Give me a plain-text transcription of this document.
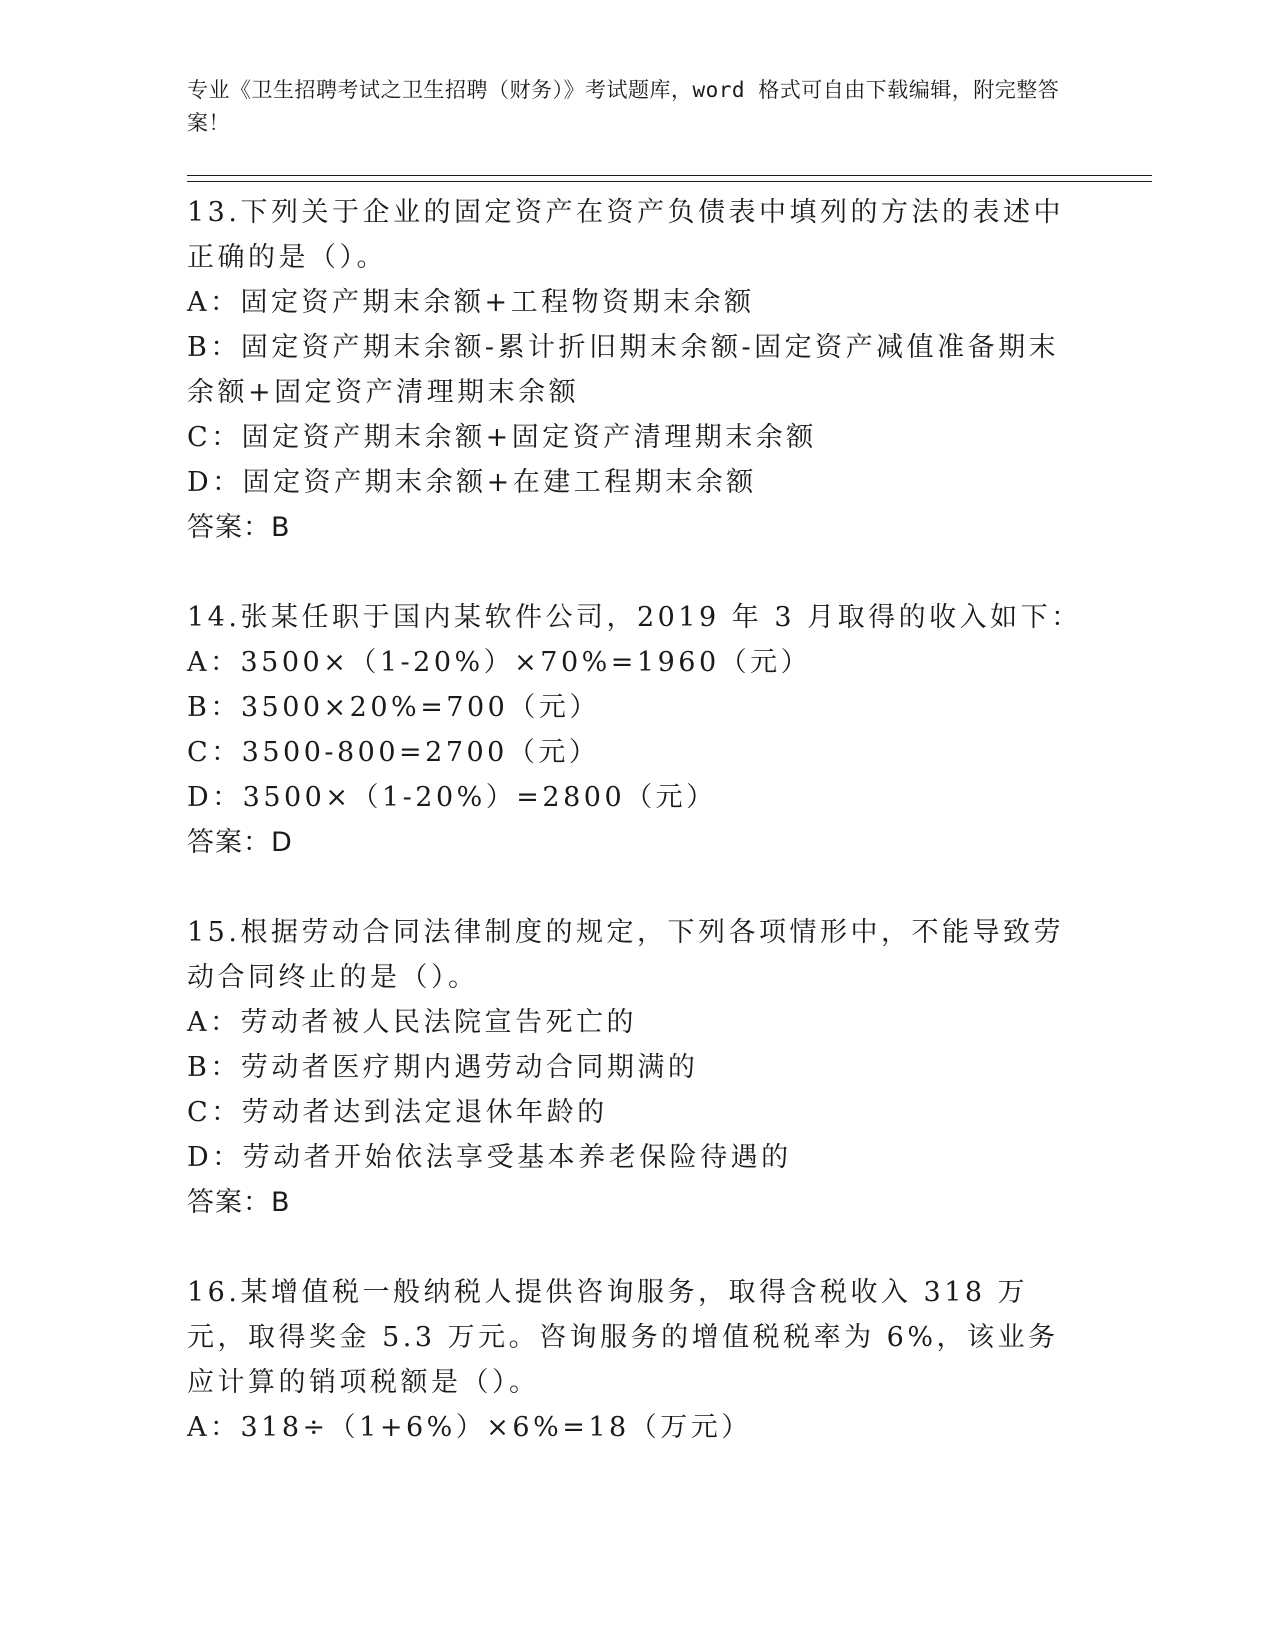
专业《卫生招聘考试之卫生招聘（财务）》考试题库，word 格式可自由下载编辑，附完整答案！

13.下列关于企业的固定资产在资产负债表中填列的方法的表述中正确的是（）。

A：固定资产期末余额+工程物资期末余额

B：固定资产期末余额-累计折旧期末余额-固定资产减值准备期末余额+固定资产清理期末余额

C：固定资产期末余额+固定资产清理期末余额

D：固定资产期末余额+在建工程期末余额

答案：B

14.张某任职于国内某软件公司，2019 年 3 月取得的收入如下：

A：3500×（1-20%）×70%=1960（元）

B：3500×20%=700（元）

C：3500-800=2700（元）

D：3500×（1-20%）=2800（元）

答案：D

15.根据劳动合同法律制度的规定，下列各项情形中，不能导致劳动合同终止的是（）。

A：劳动者被人民法院宣告死亡的

B：劳动者医疗期内遇劳动合同期满的

C：劳动者达到法定退休年龄的

D：劳动者开始依法享受基本养老保险待遇的

答案：B

16.某增值税一般纳税人提供咨询服务，取得含税收入 318 万元，取得奖金 5.3 万元。咨询服务的增值税税率为 6%，该业务应计算的销项税额是（）。

A：318÷（1+6%）×6%=18（万元）
